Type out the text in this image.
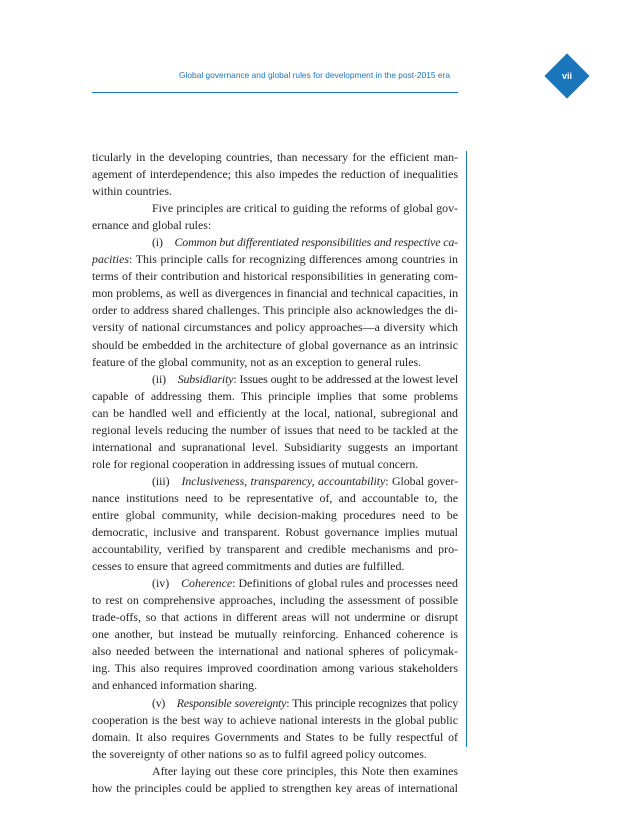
Global governance and global rules for development in the post-2015 era	vii
ticularly in the developing countries, than necessary for the efficient man-
agement of interdependence; this also impedes the reduction of inequalities
within countries.
Five principles are critical to guiding the reforms of global gov-
ernance and global rules:
(i)  Common but differentiated responsibilities and respective ca-
pacities: This principle calls for recognizing differences among countries in
terms of their contribution and historical responsibilities in generating com-
mon problems, as well as divergences in financial and technical capacities, in
order to address shared challenges. This principle also acknowledges the di-
versity of national circumstances and policy approaches—a diversity which
should be embedded in the architecture of global governance as an intrinsic
feature of the global community, not as an exception to general rules.
(ii)  Subsidiarity: Issues ought to be addressed at the lowest level
capable of addressing them. This principle implies that some problems
can be handled well and efficiently at the local, national, subregional and
regional levels reducing the number of issues that need to be tackled at the
international and supranational level. Subsidiarity suggests an important
role for regional cooperation in addressing issues of mutual concern.
(iii)  Inclusiveness, transparency, accountability: Global gover-
nance institutions need to be representative of, and accountable to, the
entire global community, while decision-making procedures need to be
democratic, inclusive and transparent. Robust governance implies mutual
accountability, verified by transparent and credible mechanisms and pro-
cesses to ensure that agreed commitments and duties are fulfilled.
(iv)  Coherence: Definitions of global rules and processes need
to rest on comprehensive approaches, including the assessment of possible
trade-offs, so that actions in different areas will not undermine or disrupt
one another, but instead be mutually reinforcing. Enhanced coherence is
also needed between the international and national spheres of policymak-
ing. This also requires improved coordination among various stakeholders
and enhanced information sharing.
(v)  Responsible sovereignty: This principle recognizes that policy
cooperation is the best way to achieve national interests in the global public
domain. It also requires Governments and States to be fully respectful of
the sovereignty of other nations so as to fulfil agreed policy outcomes.
After laying out these core principles, this Note then examines
how the principles could be applied to strengthen key areas of international
